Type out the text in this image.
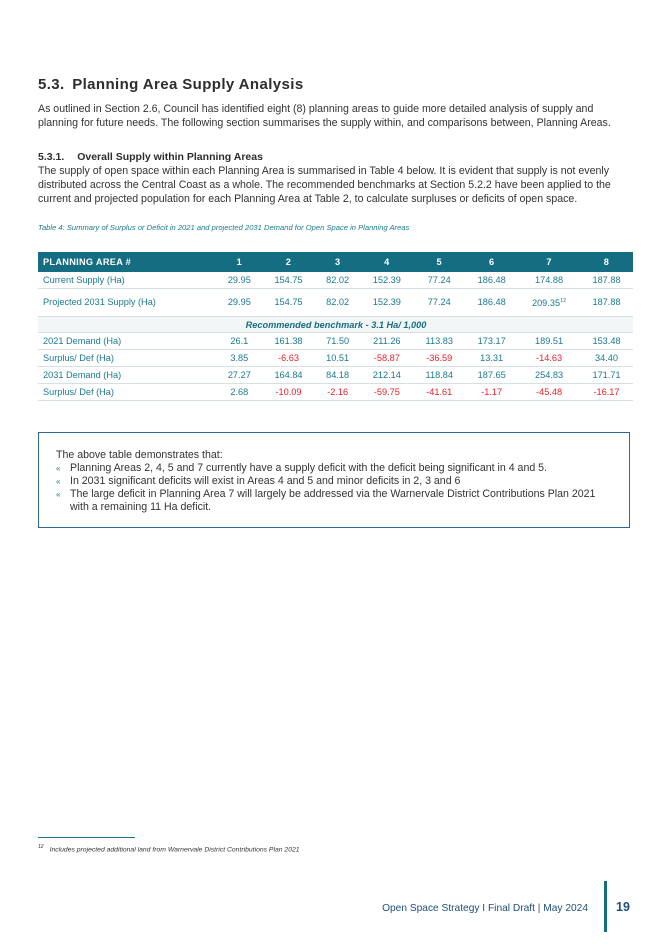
5.3. Planning Area Supply Analysis
As outlined in Section 2.6, Council has identified eight (8) planning areas to guide more detailed analysis of supply and planning for future needs. The following section summarises the supply within, and comparisons between, Planning Areas.
5.3.1. Overall Supply within Planning Areas
The supply of open space within each Planning Area is summarised in Table 4 below. It is evident that supply is not evenly distributed across the Central Coast as a whole. The recommended benchmarks at Section 5.2.2 have been applied to the current and projected population for each Planning Area at Table 2, to calculate surpluses or deficits of open space.
Table 4: Summary of Surplus or Deficit in 2021 and projected 2031 Demand for Open Space in Planning Areas
PLANNING AREA #	1	2	3	4	5	6	7	8
Current Supply (Ha)	29.95	154.75	82.02	152.39	77.24	186.48	174.88	187.88
Projected 2031 Supply (Ha)	29.95	154.75	82.02	152.39	77.24	186.48	209.35$^{12}$	187.88
Recommended benchmark - 3.1 Ha/ 1,000								
2021 Demand (Ha)	26.1	161.38	71.50	211.26	113.83	173.17	189.51	153.48
Surplus/ Def (Ha)	3.85	-6.63	10.51	-58.87	-36.59	13.31	-14.63	34.40
2031 Demand (Ha)	27.27	164.84	84.18	212.14	118.84	187.65	254.83	171.71
Surplus/ Def (Ha)	2.68	-10.09	-2.16	-59.75	-41.61	-1.17	-45.48	-16.17
The above table demonstrates that:
« Planning Areas 2, 4, 5 and 7 currently have a supply deficit with the deficit being significant in 4 and 5.
« In 2031 significant deficits will exist in Areas 4 and 5 and minor deficits in 2, 3 and 6
« The large deficit in Planning Area 7 will largely be addressed via the Warnervale District Contributions Plan 2021 with a remaining 11 Ha deficit.
$^{12}$ Includes projected additional land from Warnervale District Contributions Plan 2021
Open Space Strategy I Final Draft | May 2024 19
